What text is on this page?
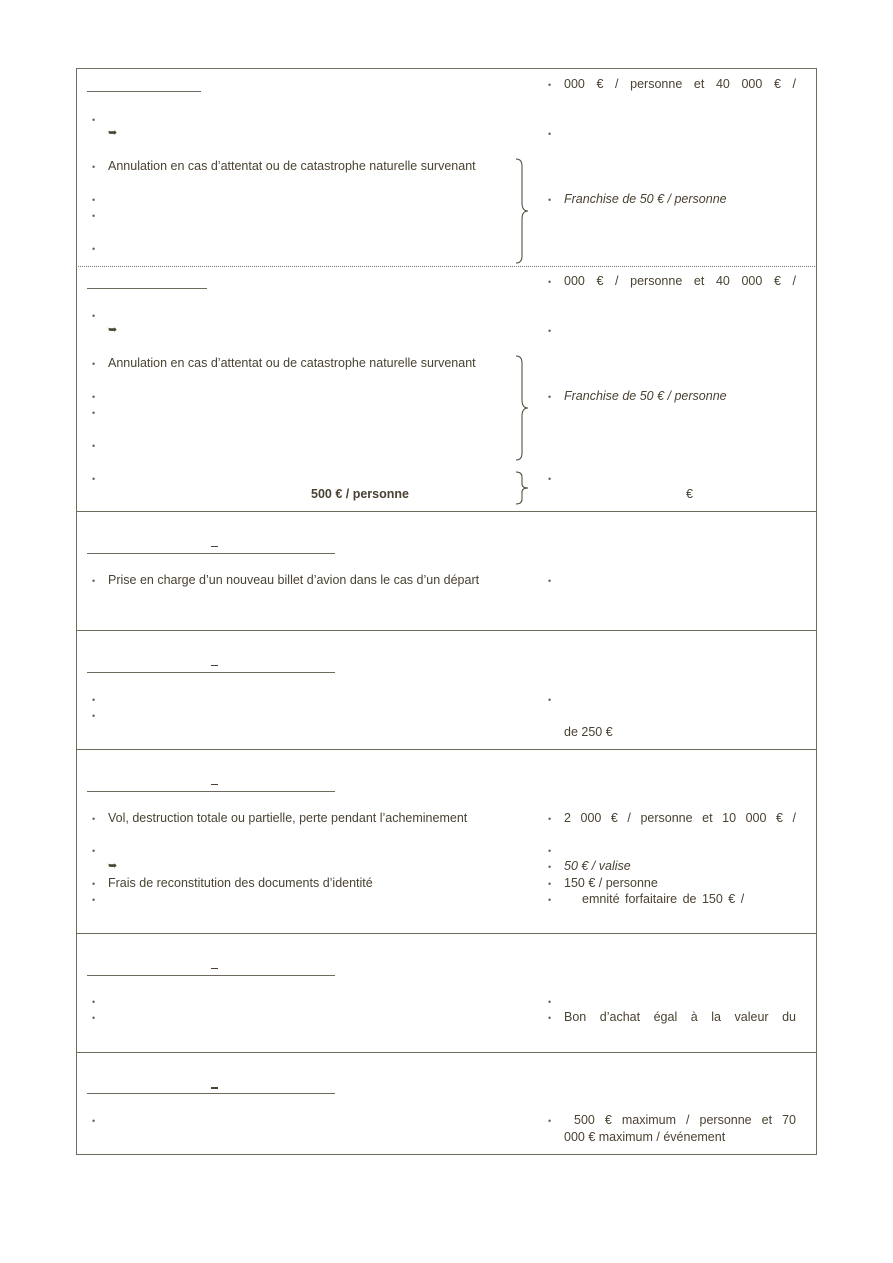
•
➥
• Annulation en cas d’attentat ou de catastrophe naturelle survenant
•
•
•
• 000 € / personne et 40 000 € /
•
• Franchise de 50 € / personne
•
➥
• Annulation en cas d’attentat ou de catastrophe naturelle survenant
•
•
•
•
500 € / personne
• 000 € / personne et 40 000 € /
•
• Franchise de 50 € / personne
•
€
• Prise en charge d’un nouveau billet d’avion dans le cas d’un départ	•
•
•
•
de 250 €
• Vol, destruction totale ou partielle, perte pendant l’acheminement
•
➥
• Frais de reconstitution des documents d’identité
•
• 2 000 € / personne et 10 000 € /
•
• 50 € / valise
• 150 € / personne
• emnité forfaitaire de 150 € /
•
•
•
• Bon d’achat égal à la valeur du
•	• 500 € maximum / personne et 70
000 € maximum / événement
